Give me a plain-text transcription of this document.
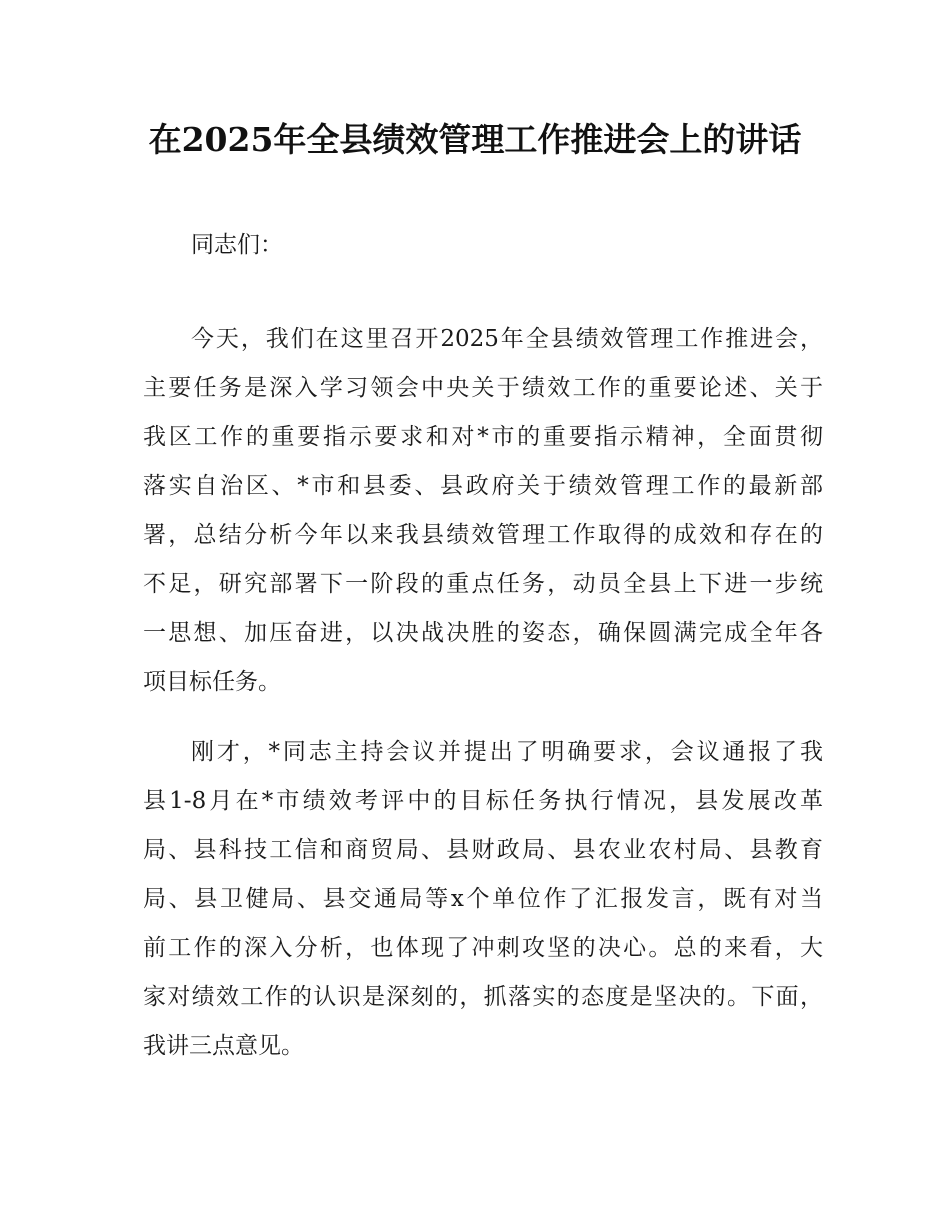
在2025年全县绩效管理工作推进会上的讲话
同志们：
今天，我们在这里召开2025年全县绩效管理工作推进会，
主要任务是深入学习领会中央关于绩效工作的重要论述、关于
我区工作的重要指示要求和对*市的重要指示精神，全面贯彻
落实自治区、*市和县委、县政府关于绩效管理工作的最新部
署，总结分析今年以来我县绩效管理工作取得的成效和存在的
不足，研究部署下一阶段的重点任务，动员全县上下进一步统
一思想、加压奋进，以决战决胜的姿态，确保圆满完成全年各
项目标任务。
刚才，*同志主持会议并提出了明确要求，会议通报了我
县1-8月在*市绩效考评中的目标任务执行情况，县发展改革
局、县科技工信和商贸局、县财政局、县农业农村局、县教育
局、县卫健局、县交通局等x个单位作了汇报发言，既有对当
前工作的深入分析，也体现了冲刺攻坚的决心。总的来看，大
家对绩效工作的认识是深刻的，抓落实的态度是坚决的。下面，
我讲三点意见。
